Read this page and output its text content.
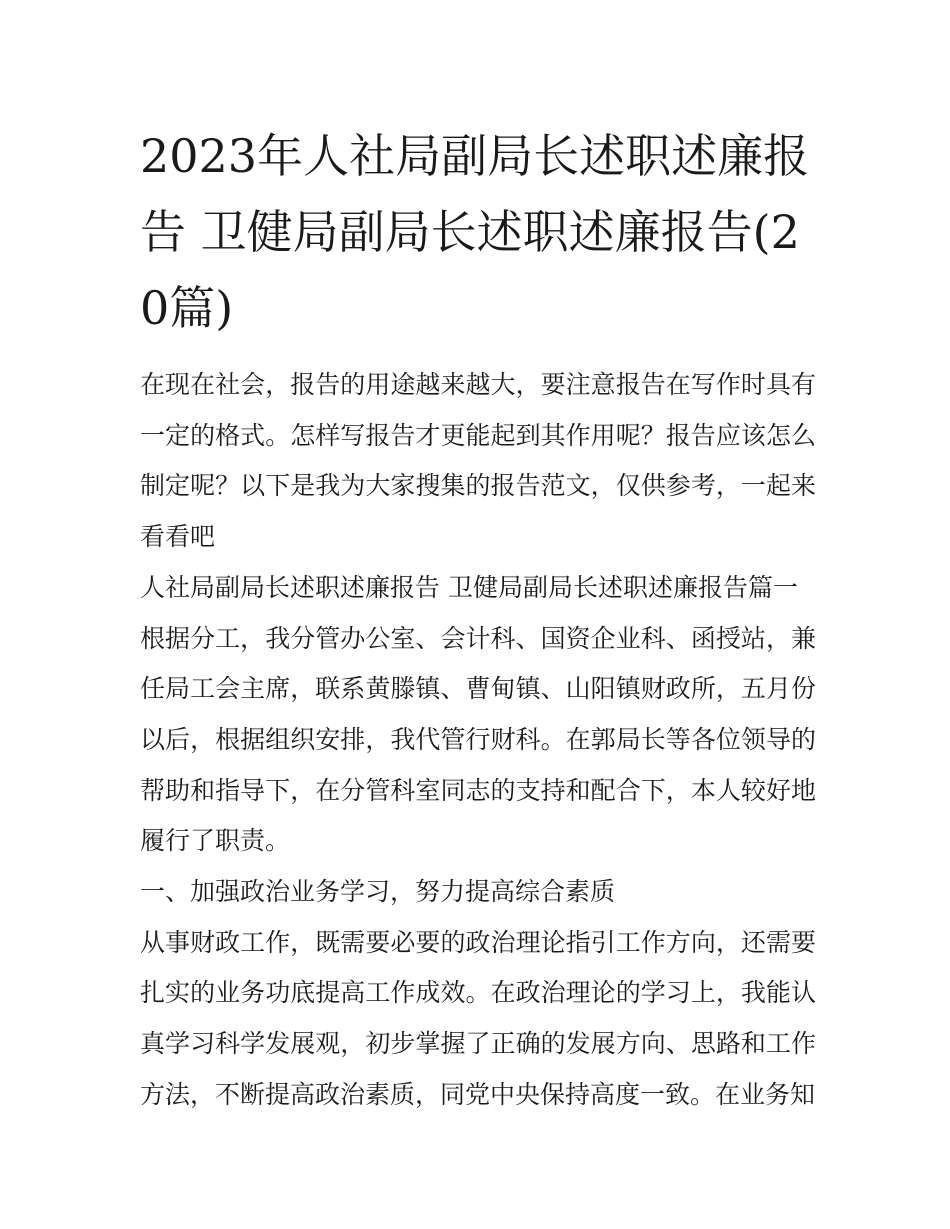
2023年人社局副局长述职述廉报告 卫健局副局长述职述廉报告(20篇)

在现在社会，报告的用途越来越大，要注意报告在写作时具有一定的格式。怎样写报告才更能起到其作用呢？报告应该怎么制定呢？以下是我为大家搜集的报告范文，仅供参考，一起来看看吧

人社局副局长述职述廉报告 卫健局副局长述职述廉报告篇一

根据分工，我分管办公室、会计科、国资企业科、函授站，兼任局工会主席，联系黄滕镇、曹甸镇、山阳镇财政所，五月份以后，根据组织安排，我代管行财科。在郭局长等各位领导的帮助和指导下，在分管科室同志的支持和配合下，本人较好地履行了职责。

一、加强政治业务学习，努力提高综合素质

从事财政工作，既需要必要的政治理论指引工作方向，还需要扎实的业务功底提高工作成效。在政治理论的学习上，我能认真学习科学发展观，初步掌握了正确的发展方向、思路和工作方法，不断提高政治素质，同党中央保持高度一致。在业务知
